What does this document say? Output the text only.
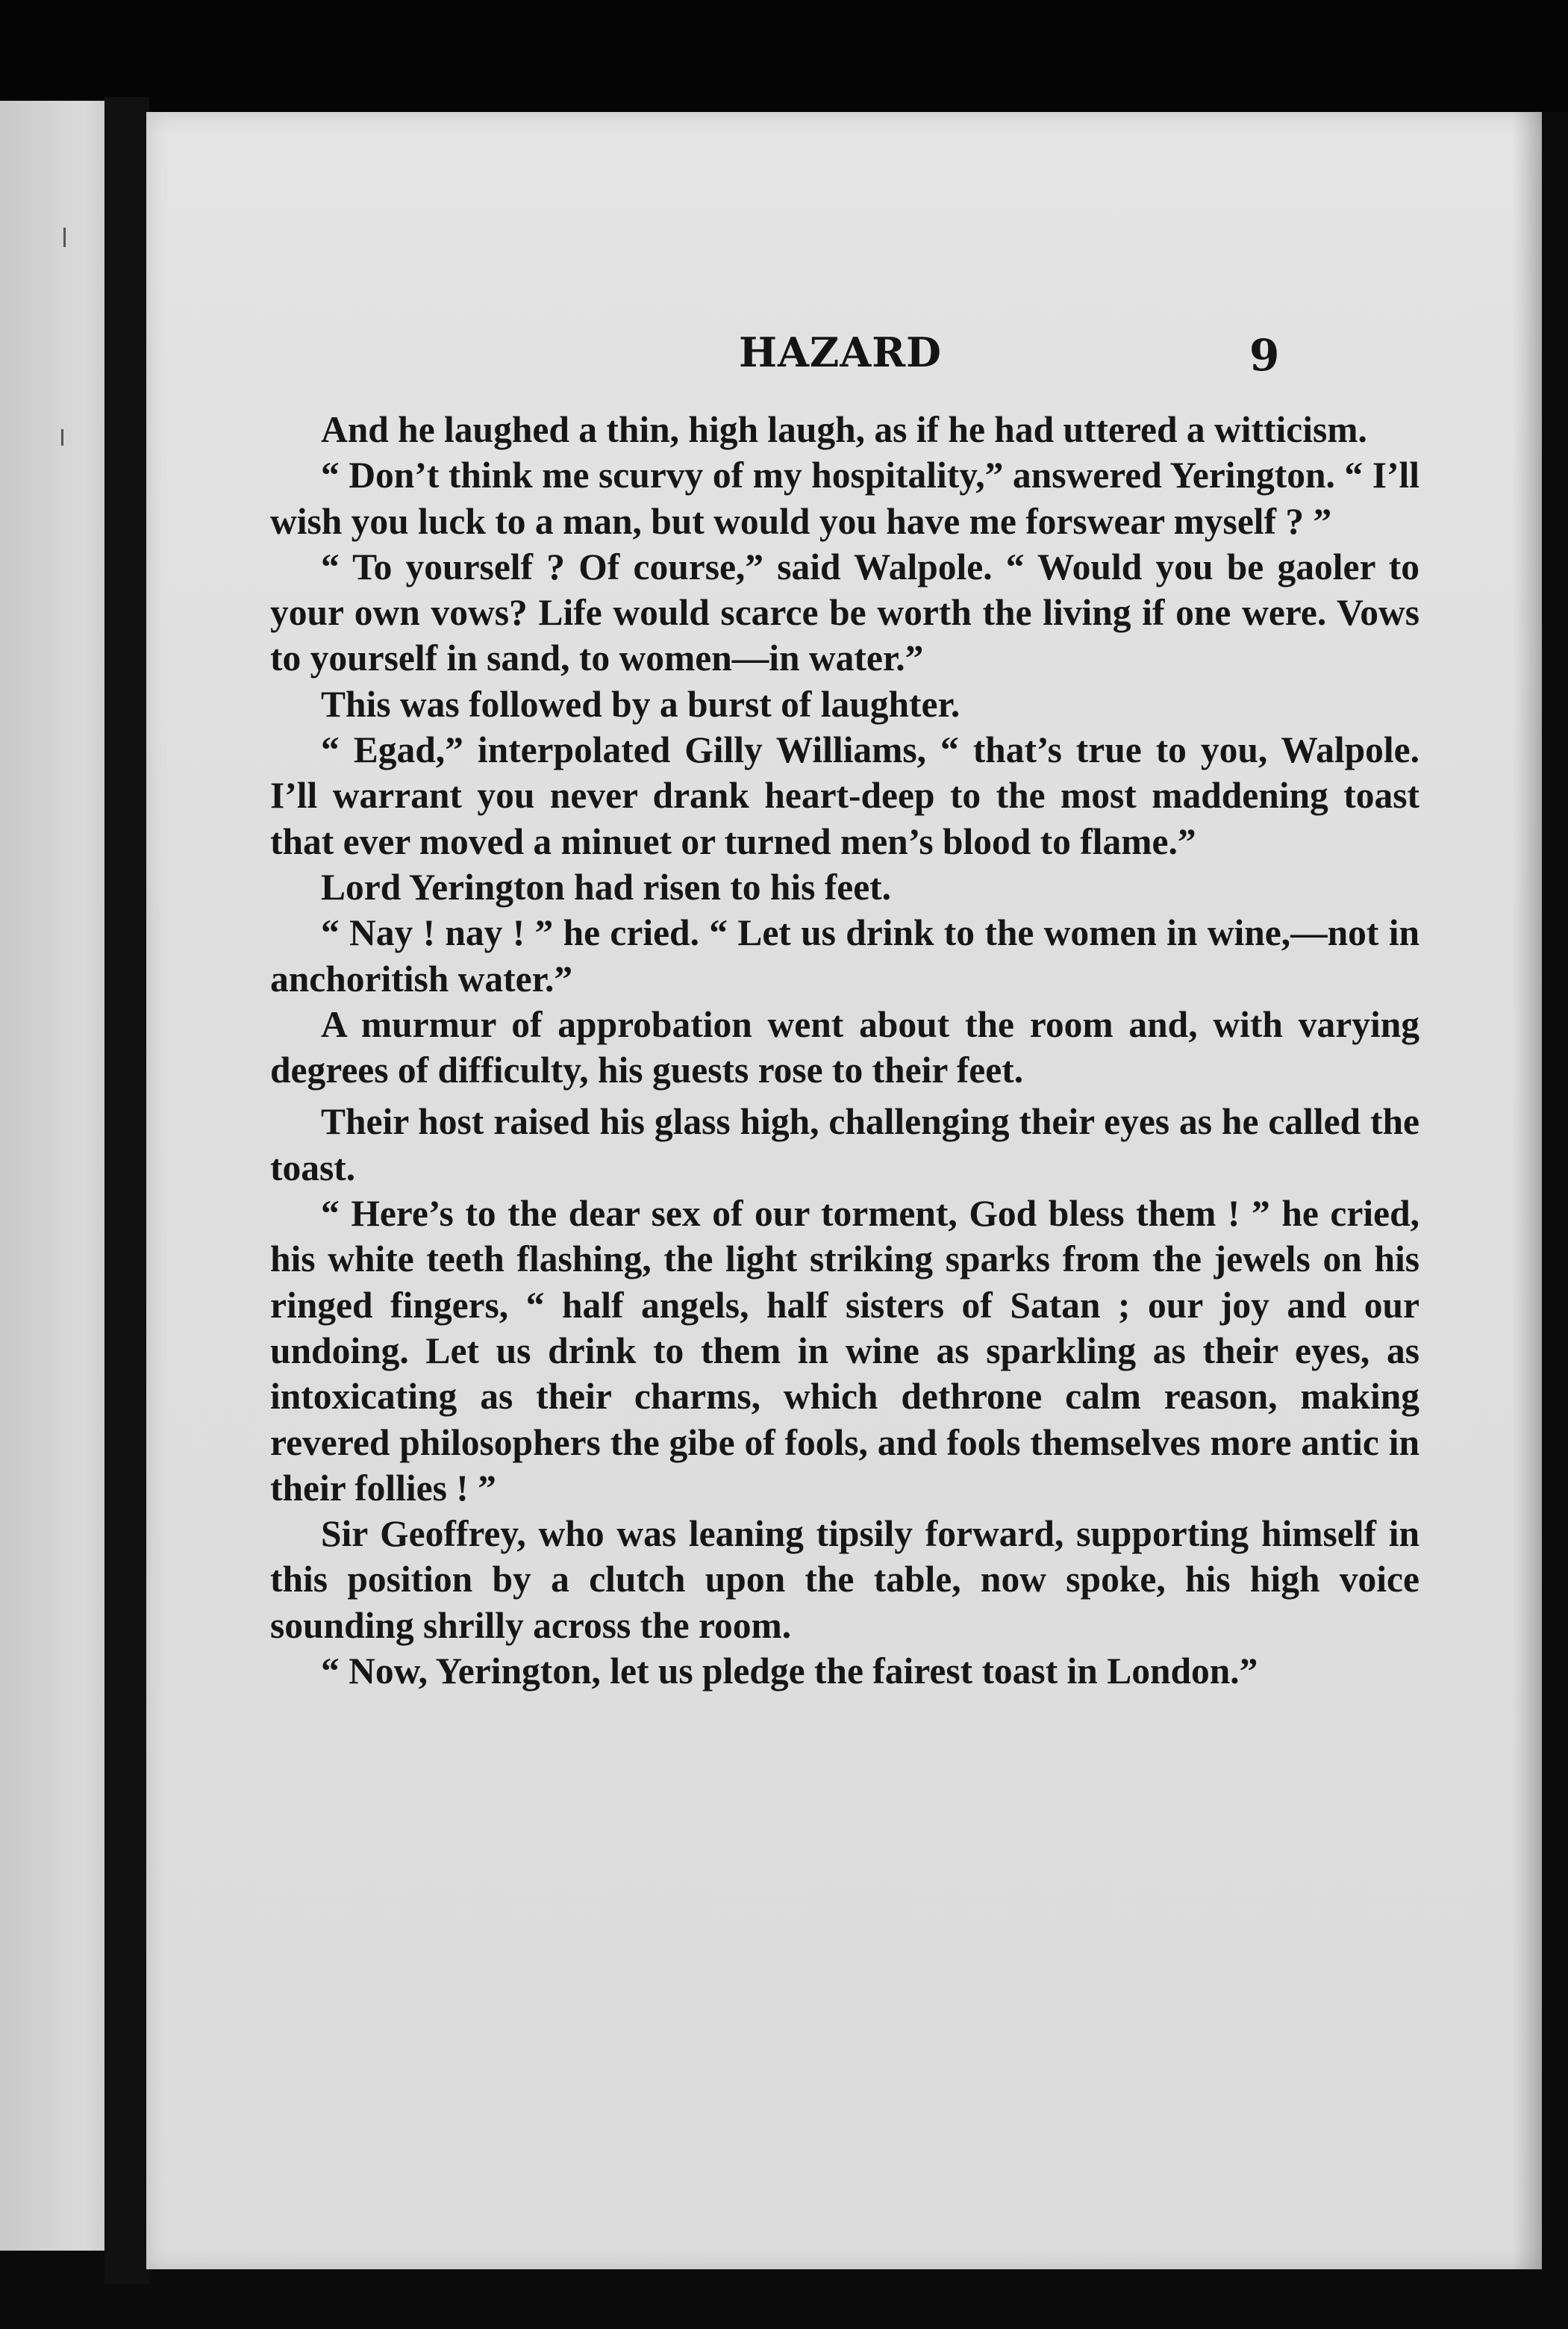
HAZARD	9

And he laughed a thin, high laugh, as if he had uttered a witticism.

“ Don’t think me scurvy of my hospitality,” answered Yerington. “ I’ll wish you luck to a man, but would you have me forswear myself ? ”

“ To yourself ? Of course,” said Walpole. “ Would you be gaoler to your own vows? Life would scarce be worth the living if one were. Vows to yourself in sand, to women—in water.”

This was followed by a burst of laughter.

“ Egad,” interpolated Gilly Williams, “ that’s true to you, Walpole. I’ll warrant you never drank heart-deep to the most maddening toast that ever moved a minuet or turned men’s blood to flame.”

Lord Yerington had risen to his feet.

“ Nay ! nay ! ” he cried. “ Let us drink to the women in wine,—not in anchoritish water.”

A murmur of approbation went about the room and, with varying degrees of difficulty, his guests rose to their feet.

Their host raised his glass high, challenging their eyes as he called the toast.

“ Here’s to the dear sex of our torment, God bless them ! ” he cried, his white teeth flashing, the light striking sparks from the jewels on his ringed fingers, “ half angels, half sisters of Satan ; our joy and our undoing. Let us drink to them in wine as sparkling as their eyes, as intoxicating as their charms, which dethrone calm reason, making revered philosophers the gibe of fools, and fools themselves more antic in their follies ! ”

Sir Geoffrey, who was leaning tipsily forward, supporting himself in this position by a clutch upon the table, now spoke, his high voice sounding shrilly across the room.

“ Now, Yerington, let us pledge the fairest toast in London.”
